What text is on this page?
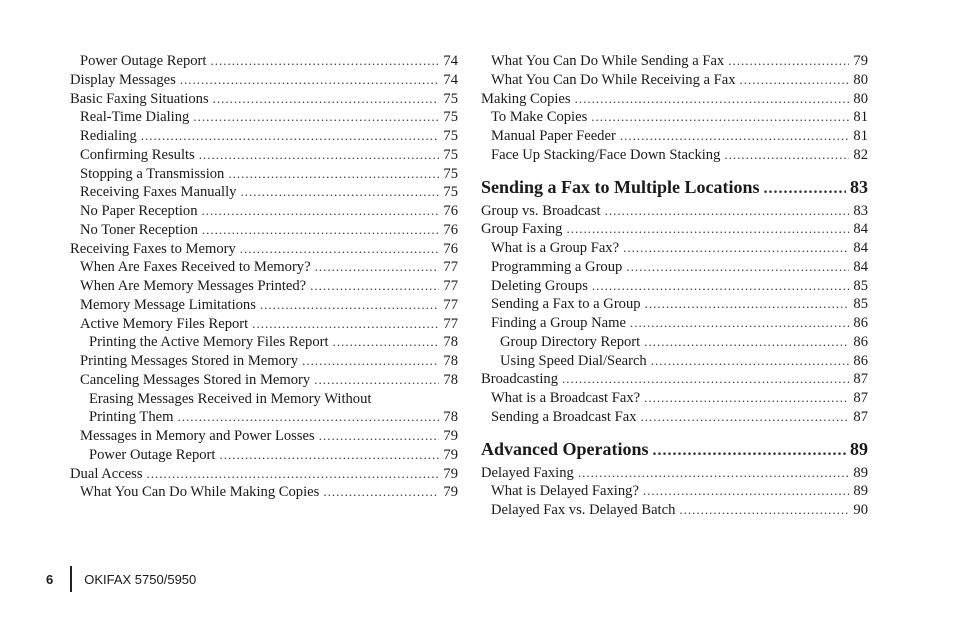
Power Outage Report .....	74
Display Messages .....	74
Basic Faxing Situations .....	75
Real-Time Dialing .....	75
Redialing .....	75
Confirming Results .....	75
Stopping a Transmission .....	75
Receiving Faxes Manually .....	75
No Paper Reception .....	76
No Toner Reception .....	76
Receiving Faxes to Memory .....	76
When Are Faxes Received to Memory? .....	77
When Are Memory Messages Printed? .....	77
Memory Message Limitations .....	77
Active Memory Files Report .....	77
Printing the Active Memory Files Report .....	78
Printing Messages Stored in Memory .....	78
Canceling Messages Stored in Memory .....	78
Erasing Messages Received in Memory Without
Printing Them .....	78
Messages in Memory and Power Losses .....	79
Power Outage Report .....	79
Dual Access .....	79
What You Can Do While Making Copies .....	79
What You Can Do While Sending a Fax .....	79
What You Can Do While Receiving a Fax .....	80
Making Copies .....	80
To Make Copies .....	81
Manual Paper Feeder .....	81
Face Up Stacking/Face Down Stacking .....	82
Sending a Fax to Multiple Locations .....	83
Group vs. Broadcast .....	83
Group Faxing .....	84
What is a Group Fax? .....	84
Programming a Group .....	84
Deleting Groups .....	85
Sending a Fax to a Group .....	85
Finding a Group Name .....	86
Group Directory Report .....	86
Using Speed Dial/Search .....	86
Broadcasting .....	87
What is a Broadcast Fax? .....	87
Sending a Broadcast Fax .....	87
Advanced Operations .....	89
Delayed Faxing .....	89
What is Delayed Faxing? .....	89
Delayed Fax vs. Delayed Batch .....	90
6 OKIFAX 5750/5950
